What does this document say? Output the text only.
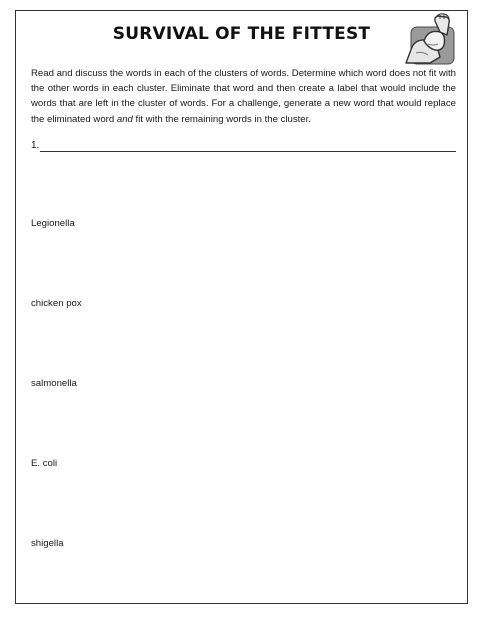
SURVIVAL OF THE FITTEST

Read and discuss the words in each of the clusters of words. Determine which word does not fit with the other words in each cluster. Eliminate that word and then create a label that would include the words that are left in the cluster of words. For a challenge, generate a new word that would replace the eliminated word and fit with the remaining words in the cluster.

1.
Legionella
chicken pox
salmonella
E. coli
shigella
